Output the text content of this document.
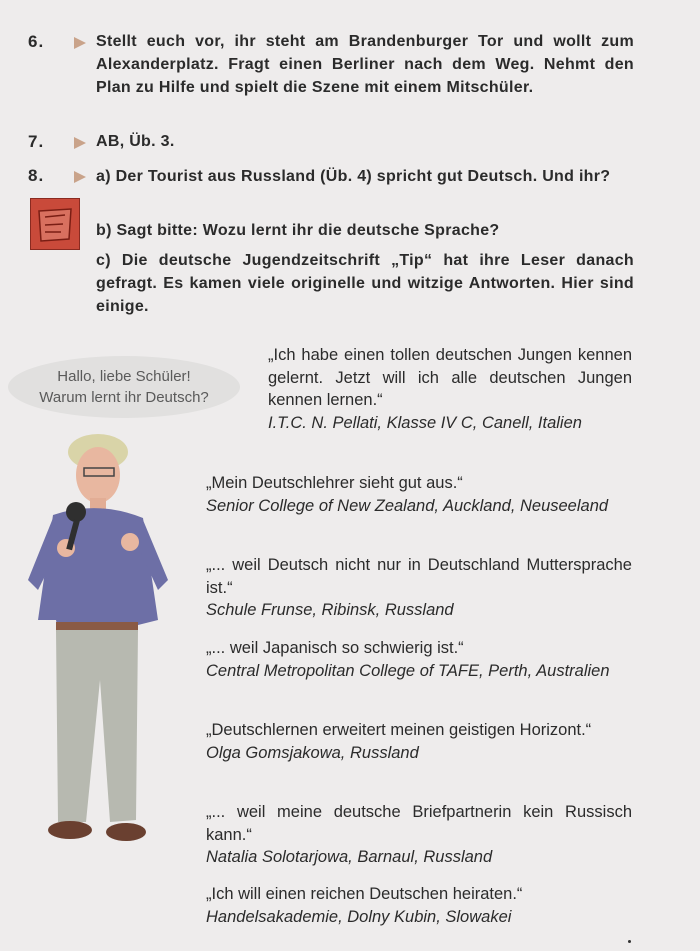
6.	Stellt euch vor, ihr steht am Brandenburger Tor und wollt zum Alexanderplatz. Fragt einen Berliner nach dem Weg. Nehmt den Plan zu Hilfe und spielt die Szene mit einem Mitschüler.
7.	AB, Üb. 3.
8.	a) Der Tourist aus Russland (Üb. 4) spricht gut Deutsch. Und ihr?
b) Sagt bitte: Wozu lernt ihr die deutsche Sprache?
c) Die deutsche Jugendzeitschrift „Tip“ hat ihre Leser danach gefragt. Es kamen viele originelle und witzige Antworten. Hier sind einige.
Hallo, liebe Schüler!
Warum lernt ihr Deutsch?
„Ich habe einen tollen deutschen Jungen kennen gelernt. Jetzt will ich alle deutschen Jungen kennen lernen.“
I.T.C. N. Pellati, Klasse IV C, Canell, Italien
„Mein Deutschlehrer sieht gut aus.“
Senior College of New Zealand, Auckland, Neuseeland
„... weil Deutsch nicht nur in Deutschland Muttersprache ist.“
Schule Frunse, Ribinsk, Russland
„... weil Japanisch so schwierig ist.“
Central Metropolitan College of TAFE, Perth, Australien
„Deutschlernen erweitert meinen geistigen Horizont.“
Olga Gomsjakowa, Russland
„... weil meine deutsche Briefpartnerin kein Russisch kann.“
Natalia Solotarjowa, Barnaul, Russland
„Ich will einen reichen Deutschen heiraten.“
Handelsakademie, Dolny Kubin, Slowakei
